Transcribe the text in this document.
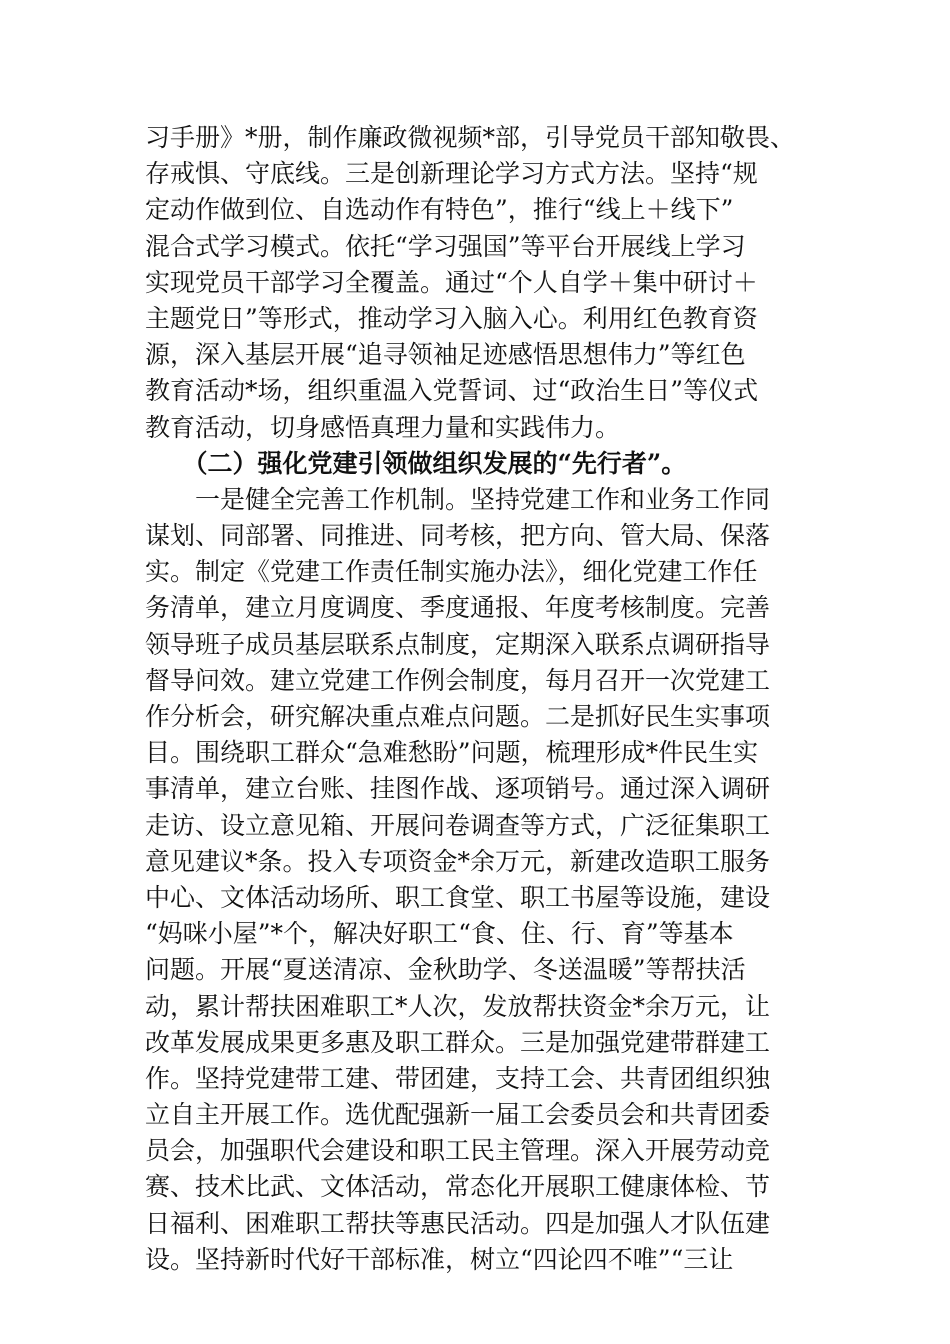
习手册》*册，制作廉政微视频*部，引导党员干部知敬畏、
存戒惧、守底线。三是创新理论学习方式方法。坚持“规
定动作做到位、自选动作有特色”，推行“线上＋线下”
混合式学习模式。依托“学习强国”等平台开展线上学习
实现党员干部学习全覆盖。通过“个人自学＋集中研讨＋
主题党日”等形式，推动学习入脑入心。利用红色教育资
源，深入基层开展“追寻领袖足迹感悟思想伟力”等红色
教育活动*场，组织重温入党誓词、过“政治生日”等仪式
教育活动，切身感悟真理力量和实践伟力。
　　（二）强化党建引领做组织发展的“先行者”。
　　一是健全完善工作机制。坚持党建工作和业务工作同
谋划、同部署、同推进、同考核，把方向、管大局、保落
实。制定《党建工作责任制实施办法》，细化党建工作任
务清单，建立月度调度、季度通报、年度考核制度。完善
领导班子成员基层联系点制度，定期深入联系点调研指导
督导问效。建立党建工作例会制度，每月召开一次党建工
作分析会，研究解决重点难点问题。二是抓好民生实事项
目。围绕职工群众“急难愁盼”问题，梳理形成*件民生实
事清单，建立台账、挂图作战、逐项销号。通过深入调研
走访、设立意见箱、开展问卷调查等方式，广泛征集职工
意见建议*条。投入专项资金*余万元，新建改造职工服务
中心、文体活动场所、职工食堂、职工书屋等设施，建设
“妈咪小屋”*个，解决好职工“食、住、行、育”等基本
问题。开展“夏送清凉、金秋助学、冬送温暖”等帮扶活
动，累计帮扶困难职工*人次，发放帮扶资金*余万元，让
改革发展成果更多惠及职工群众。三是加强党建带群建工
作。坚持党建带工建、带团建，支持工会、共青团组织独
立自主开展工作。选优配强新一届工会委员会和共青团委
员会，加强职代会建设和职工民主管理。深入开展劳动竞
赛、技术比武、文体活动，常态化开展职工健康体检、节
日福利、困难职工帮扶等惠民活动。四是加强人才队伍建
设。坚持新时代好干部标准，树立“四论四不唯”“三让
